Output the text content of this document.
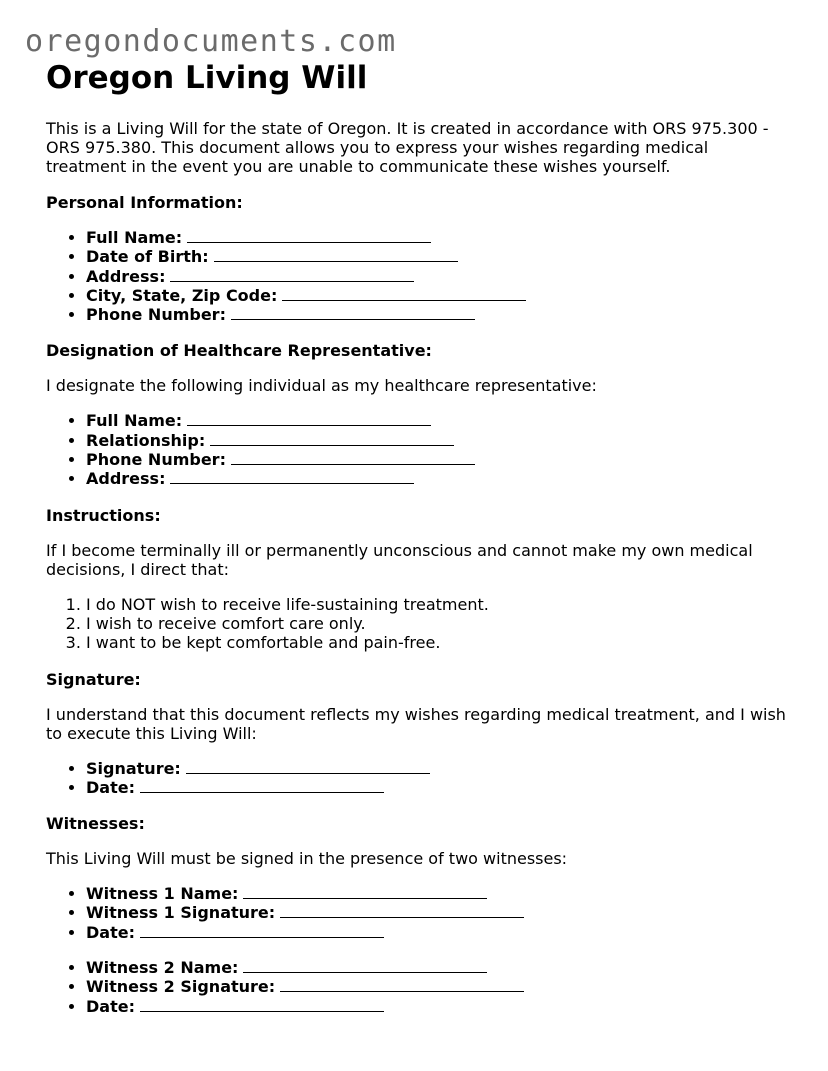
oregondocuments.com
Oregon Living Will

This is a Living Will for the state of Oregon. It is created in accordance with ORS 975.300 - ORS 975.380. This document allows you to express your wishes regarding medical treatment in the event you are unable to communicate these wishes yourself.

Personal Information:

• Full Name:
• Date of Birth:
• Address:
• City, State, Zip Code:
• Phone Number:

Designation of Healthcare Representative:

I designate the following individual as my healthcare representative:

• Full Name:
• Relationship:
• Phone Number:
• Address:

Instructions:

If I become terminally ill or permanently unconscious and cannot make my own medical decisions, I direct that:

1. I do NOT wish to receive life-sustaining treatment.
2. I wish to receive comfort care only.
3. I want to be kept comfortable and pain-free.

Signature:

I understand that this document reflects my wishes regarding medical treatment, and I wish to execute this Living Will:

• Signature:
• Date:

Witnesses:

This Living Will must be signed in the presence of two witnesses:

• Witness 1 Name:
• Witness 1 Signature:
• Date:
• Witness 2 Name:
• Witness 2 Signature:
• Date:
